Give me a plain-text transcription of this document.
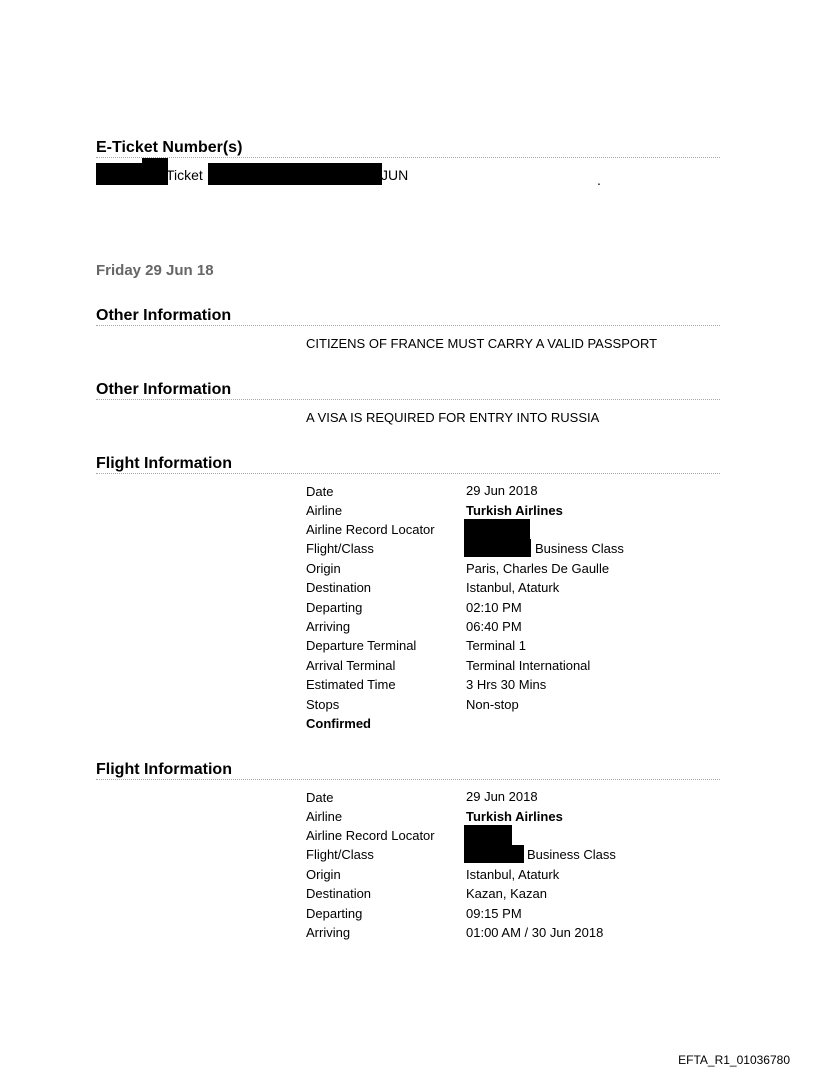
E-Ticket Number(s)
Ticket	JUN	.
Friday 29 Jun 18
Other Information
CITIZENS OF FRANCE MUST CARRY A VALID PASSPORT
Other Information
A VISA IS REQUIRED FOR ENTRY INTO RUSSIA
Flight Information
Date	29 Jun 2018
Airline	Turkish Airlines
Airline Record Locator
Flight/Class	Business Class
Origin	Paris, Charles De Gaulle
Destination	Istanbul, Ataturk
Departing	02:10 PM
Arriving	06:40 PM
Departure Terminal	Terminal 1
Arrival Terminal	Terminal International
Estimated Time	3 Hrs 30 Mins
Stops	Non-stop
Confirmed
Flight Information
Date	29 Jun 2018
Airline	Turkish Airlines
Airline Record Locator
Flight/Class	Business Class
Origin	Istanbul, Ataturk
Destination	Kazan, Kazan
Departing	09:15 PM
Arriving	01:00 AM / 30 Jun 2018
EFTA_R1_01036780
